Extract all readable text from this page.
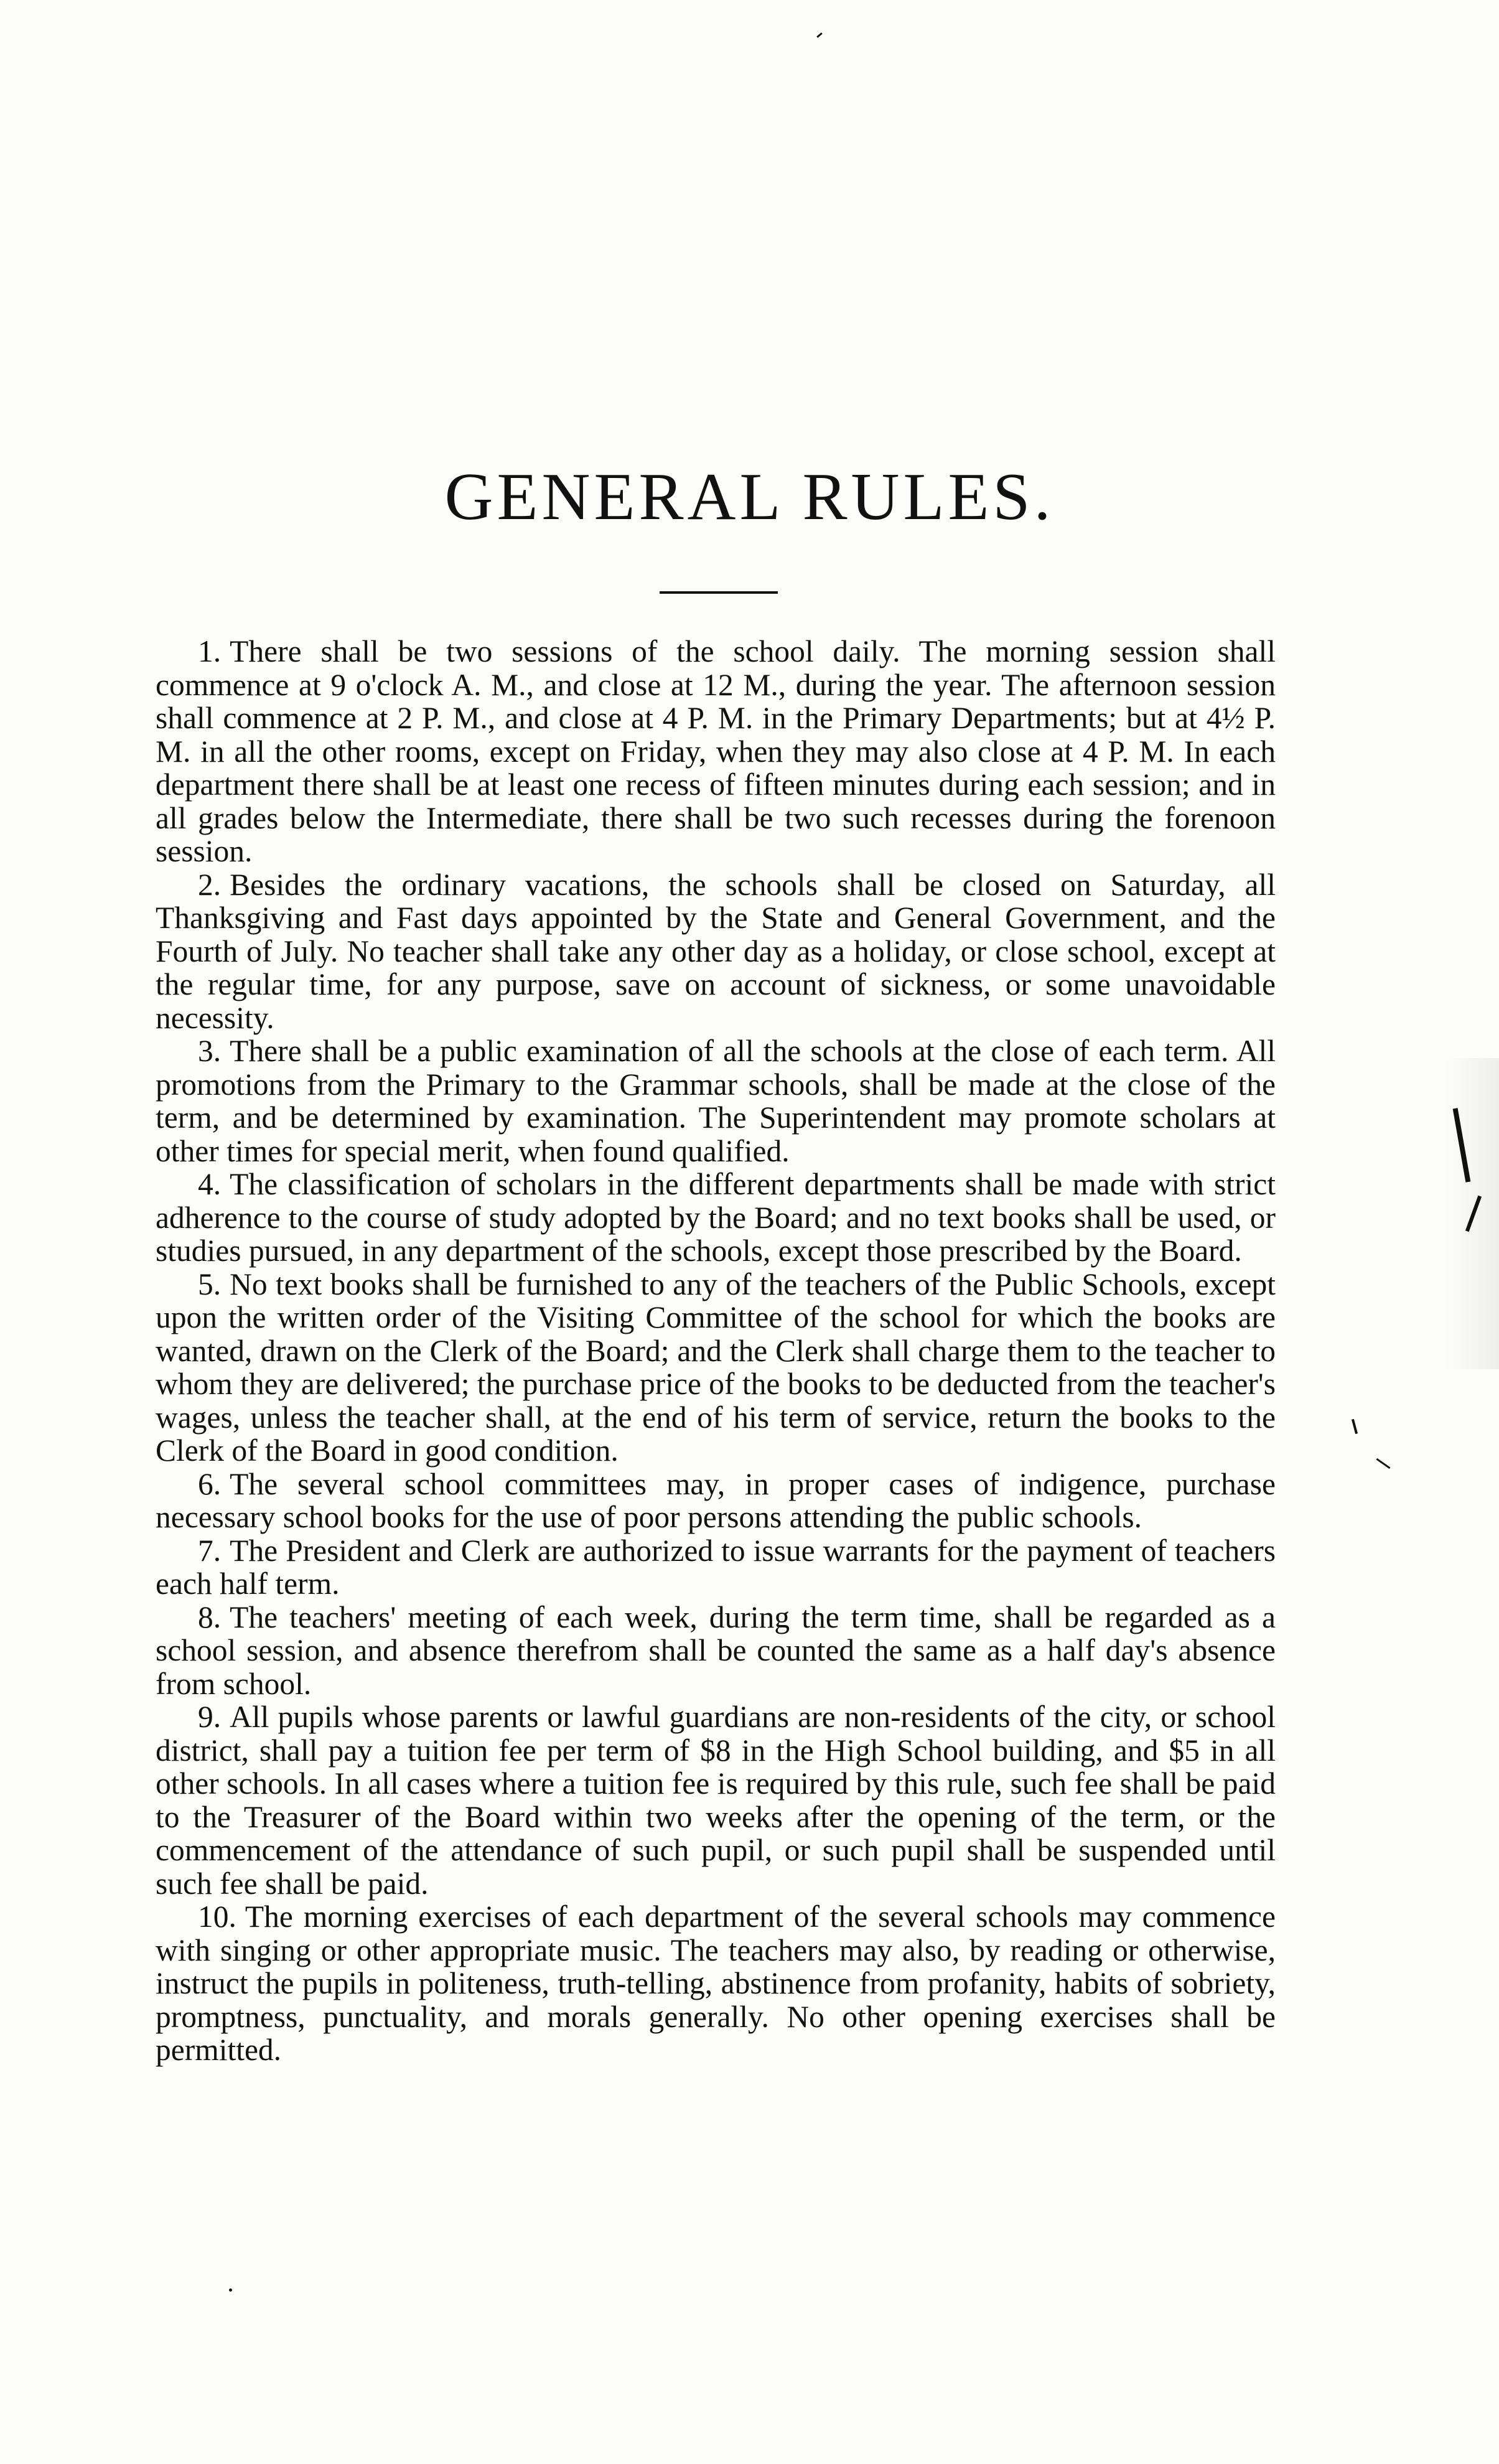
GENERAL RULES.
1. There shall be two sessions of the school daily. The morning session shall commence at 9 o'clock A. M., and close at 12 M., during the year. The afternoon session shall commence at 2 P. M., and close at 4 P. M. in the Primary Departments; but at 4½ P. M. in all the other rooms, except on Friday, when they may also close at 4 P. M. In each department there shall be at least one recess of fifteen minutes during each session; and in all grades below the Intermediate, there shall be two such recesses during the forenoon session.
2. Besides the ordinary vacations, the schools shall be closed on Saturday, all Thanksgiving and Fast days appointed by the State and General Government, and the Fourth of July. No teacher shall take any other day as a holiday, or close school, except at the regular time, for any purpose, save on account of sickness, or some unavoidable necessity.
3. There shall be a public examination of all the schools at the close of each term. All promotions from the Primary to the Grammar schools, shall be made at the close of the term, and be determined by examination. The Superintendent may promote scholars at other times for special merit, when found qualified.
4. The classification of scholars in the different departments shall be made with strict adherence to the course of study adopted by the Board; and no text books shall be used, or studies pursued, in any department of the schools, except those prescribed by the Board.
5. No text books shall be furnished to any of the teachers of the Public Schools, except upon the written order of the Visiting Committee of the school for which the books are wanted, drawn on the Clerk of the Board; and the Clerk shall charge them to the teacher to whom they are delivered; the purchase price of the books to be deducted from the teacher's wages, unless the teacher shall, at the end of his term of service, return the books to the Clerk of the Board in good condition.
6. The several school committees may, in proper cases of indigence, purchase necessary school books for the use of poor persons attending the public schools.
7. The President and Clerk are authorized to issue warrants for the payment of teachers each half term.
8. The teachers' meeting of each week, during the term time, shall be regarded as a school session, and absence therefrom shall be counted the same as a half day's absence from school.
9. All pupils whose parents or lawful guardians are non-residents of the city, or school district, shall pay a tuition fee per term of $8 in the High School building, and $5 in all other schools. In all cases where a tuition fee is required by this rule, such fee shall be paid to the Treasurer of the Board within two weeks after the opening of the term, or the commencement of the attendance of such pupil, or such pupil shall be suspended until such fee shall be paid.
10. The morning exercises of each department of the several schools may commence with singing or other appropriate music. The teachers may also, by reading or otherwise, instruct the pupils in politeness, truth-telling, abstinence from profanity, habits of sobriety, promptness, punctuality, and morals generally. No other opening exercises shall be permitted.
